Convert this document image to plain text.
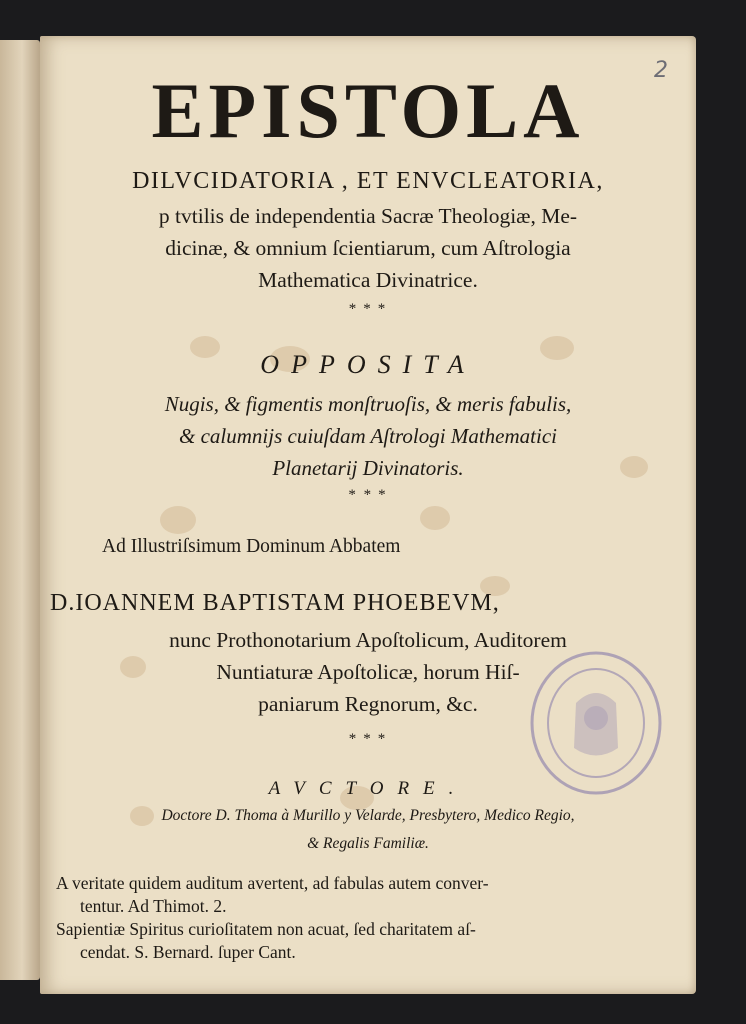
2
EPISTOLA
DILVCIDATORIA , ET ENVCLEATORIA,
p tvtilis de independentia Sacræ Theologiæ, Me-
dicinæ, & omnium ſcientiarum, cum Aſtrologia
Mathematica Divinatrice.
* * *
OPPOSITA
Nugis, & figmentis monſtruoſis, & meris fabulis,
& calumnijs cuiuſdam Aſtrologi Mathematici
Planetarij Divinatoris.
* * *
Ad Illustriſsimum Dominum Abbatem
D.IOANNEM BAPTISTAM PHOEBEVM,
nunc Prothonotarium Apoſtolicum, Auditorem
Nuntiaturæ Apoſtolicæ, horum Hiſ-
paniarum Regnorum, &c.
* * *
AVCTORE.
Doctore D. Thoma à Murillo y Velarde, Presbytero, Medico Regio,
& Regalis Familiæ.
A veritate quidem auditum avertent, ad fabulas autem conver-
tentur. Ad Thimot. 2.
Sapientiæ Spiritus curioſitatem non acuat, ſed charitatem aſ-
cendat. S. Bernard. ſuper Cant.
